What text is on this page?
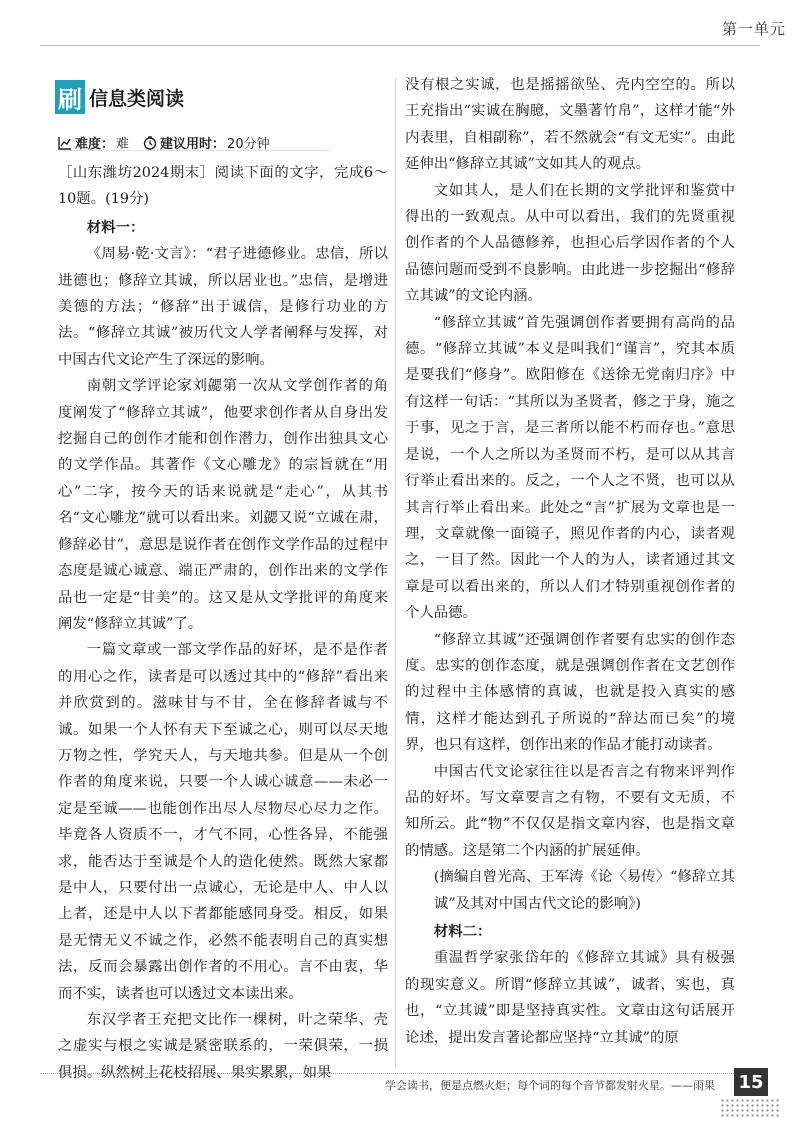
第一单元
刷 信息类阅读
难度： 难 建议用时： 20分钟

［山东潍坊2024期末］阅读下面的文字，完成6～10题。(19分)

材料一：

《周易·乾·文言》：“君子进德修业。忠信，所以进德也；修辞立其诚，所以居业也。”忠信，是增进美德的方法；“修辞”出于诚信，是修行功业的方法。“修辞立其诚”被历代文人学者阐释与发挥，对中国古代文论产生了深远的影响。

南朝文学评论家刘勰第一次从文学创作者的角度阐发了“修辞立其诚”，他要求创作者从自身出发挖掘自己的创作才能和创作潜力，创作出独具文心的文学作品。其著作《文心雕龙》的宗旨就在“用心”二字，按今天的话来说就是“走心”，从其书名“文心雕龙”就可以看出来。刘勰又说“立诚在肃，修辞必甘”，意思是说作者在创作文学作品的过程中态度是诚心诚意、端正严肃的，创作出来的文学作品也一定是“甘美”的。这又是从文学批评的角度来阐发“修辞立其诚”了。

一篇文章或一部文学作品的好坏，是不是作者的用心之作，读者是可以透过其中的“修辞”看出来并欣赏到的。滋味甘与不甘，全在修辞者诚与不诚。如果一个人怀有天下至诚之心，则可以尽天地万物之性，学究天人，与天地共参。但是从一个创作者的角度来说，只要一个人诚心诚意——未必一定是至诚——也能创作出尽人尽物尽心尽力之作。毕竟各人资质不一，才气不同，心性各异，不能强求，能否达于至诚是个人的造化使然。既然大家都是中人，只要付出一点诚心，无论是中人、中人以上者，还是中人以下者都能感同身受。相反，如果是无情无义不诚之作，必然不能表明自己的真实想法，反而会暴露出创作者的不用心。言不由衷，华而不实，读者也可以透过文本读出来。

东汉学者王充把文比作一棵树，叶之荣华、壳之虚实与根之实诚是紧密联系的，一荣俱荣，一损俱损。纵然树上花枝招展、果实累累，如果

没有根之实诚，也是摇摇欲坠、壳内空空的。所以王充指出“实诚在胸臆，文墨著竹帛”，这样才能“外内表里，自相副称”，若不然就会“有文无实”。由此延伸出“修辞立其诚”文如其人的观点。

文如其人，是人们在长期的文学批评和鉴赏中得出的一致观点。从中可以看出，我们的先贤重视创作者的个人品德修养，也担心后学因作者的个人品德问题而受到不良影响。由此进一步挖掘出“修辞立其诚”的文论内涵。

“修辞立其诚”首先强调创作者要拥有高尚的品德。“修辞立其诚”本义是叫我们“谨言”，究其本质是要我们“修身”。欧阳修在《送徐无党南归序》中有这样一句话：“其所以为圣贤者，修之于身，施之于事，见之于言，是三者所以能不朽而存也。”意思是说，一个人之所以为圣贤而不朽，是可以从其言行举止看出来的。反之，一个人之不贤，也可以从其言行举止看出来。此处之“言”扩展为文章也是一理，文章就像一面镜子，照见作者的内心，读者观之，一目了然。因此一个人的为人，读者通过其文章是可以看出来的，所以人们才特别重视创作者的个人品德。

“修辞立其诚”还强调创作者要有忠实的创作态度。忠实的创作态度，就是强调创作者在文艺创作的过程中主体感情的真诚，也就是投入真实的感情，这样才能达到孔子所说的“辞达而已矣”的境界，也只有这样，创作出来的作品才能打动读者。

中国古代文论家往往以是否言之有物来评判作品的好坏。写文章要言之有物，不要有文无质，不知所云。此“物”不仅仅是指文章内容，也是指文章的情感。这是第二个内涵的扩展延伸。

(摘编自曾光高、王军涛《论〈易传〉“修辞立其诚”及其对中国古代文论的影响》)

材料二：

重温哲学家张岱年的《修辞立其诚》具有极强的现实意义。所谓“修辞立其诚”，诚者，实也，真也，“立其诚”即是坚持真实性。文章由这句话展开论述，提出发言著论都应坚持“立其诚”的原

学会读书，便是点燃火炬；每个词的每个音节都发射火星。——雨果 15
